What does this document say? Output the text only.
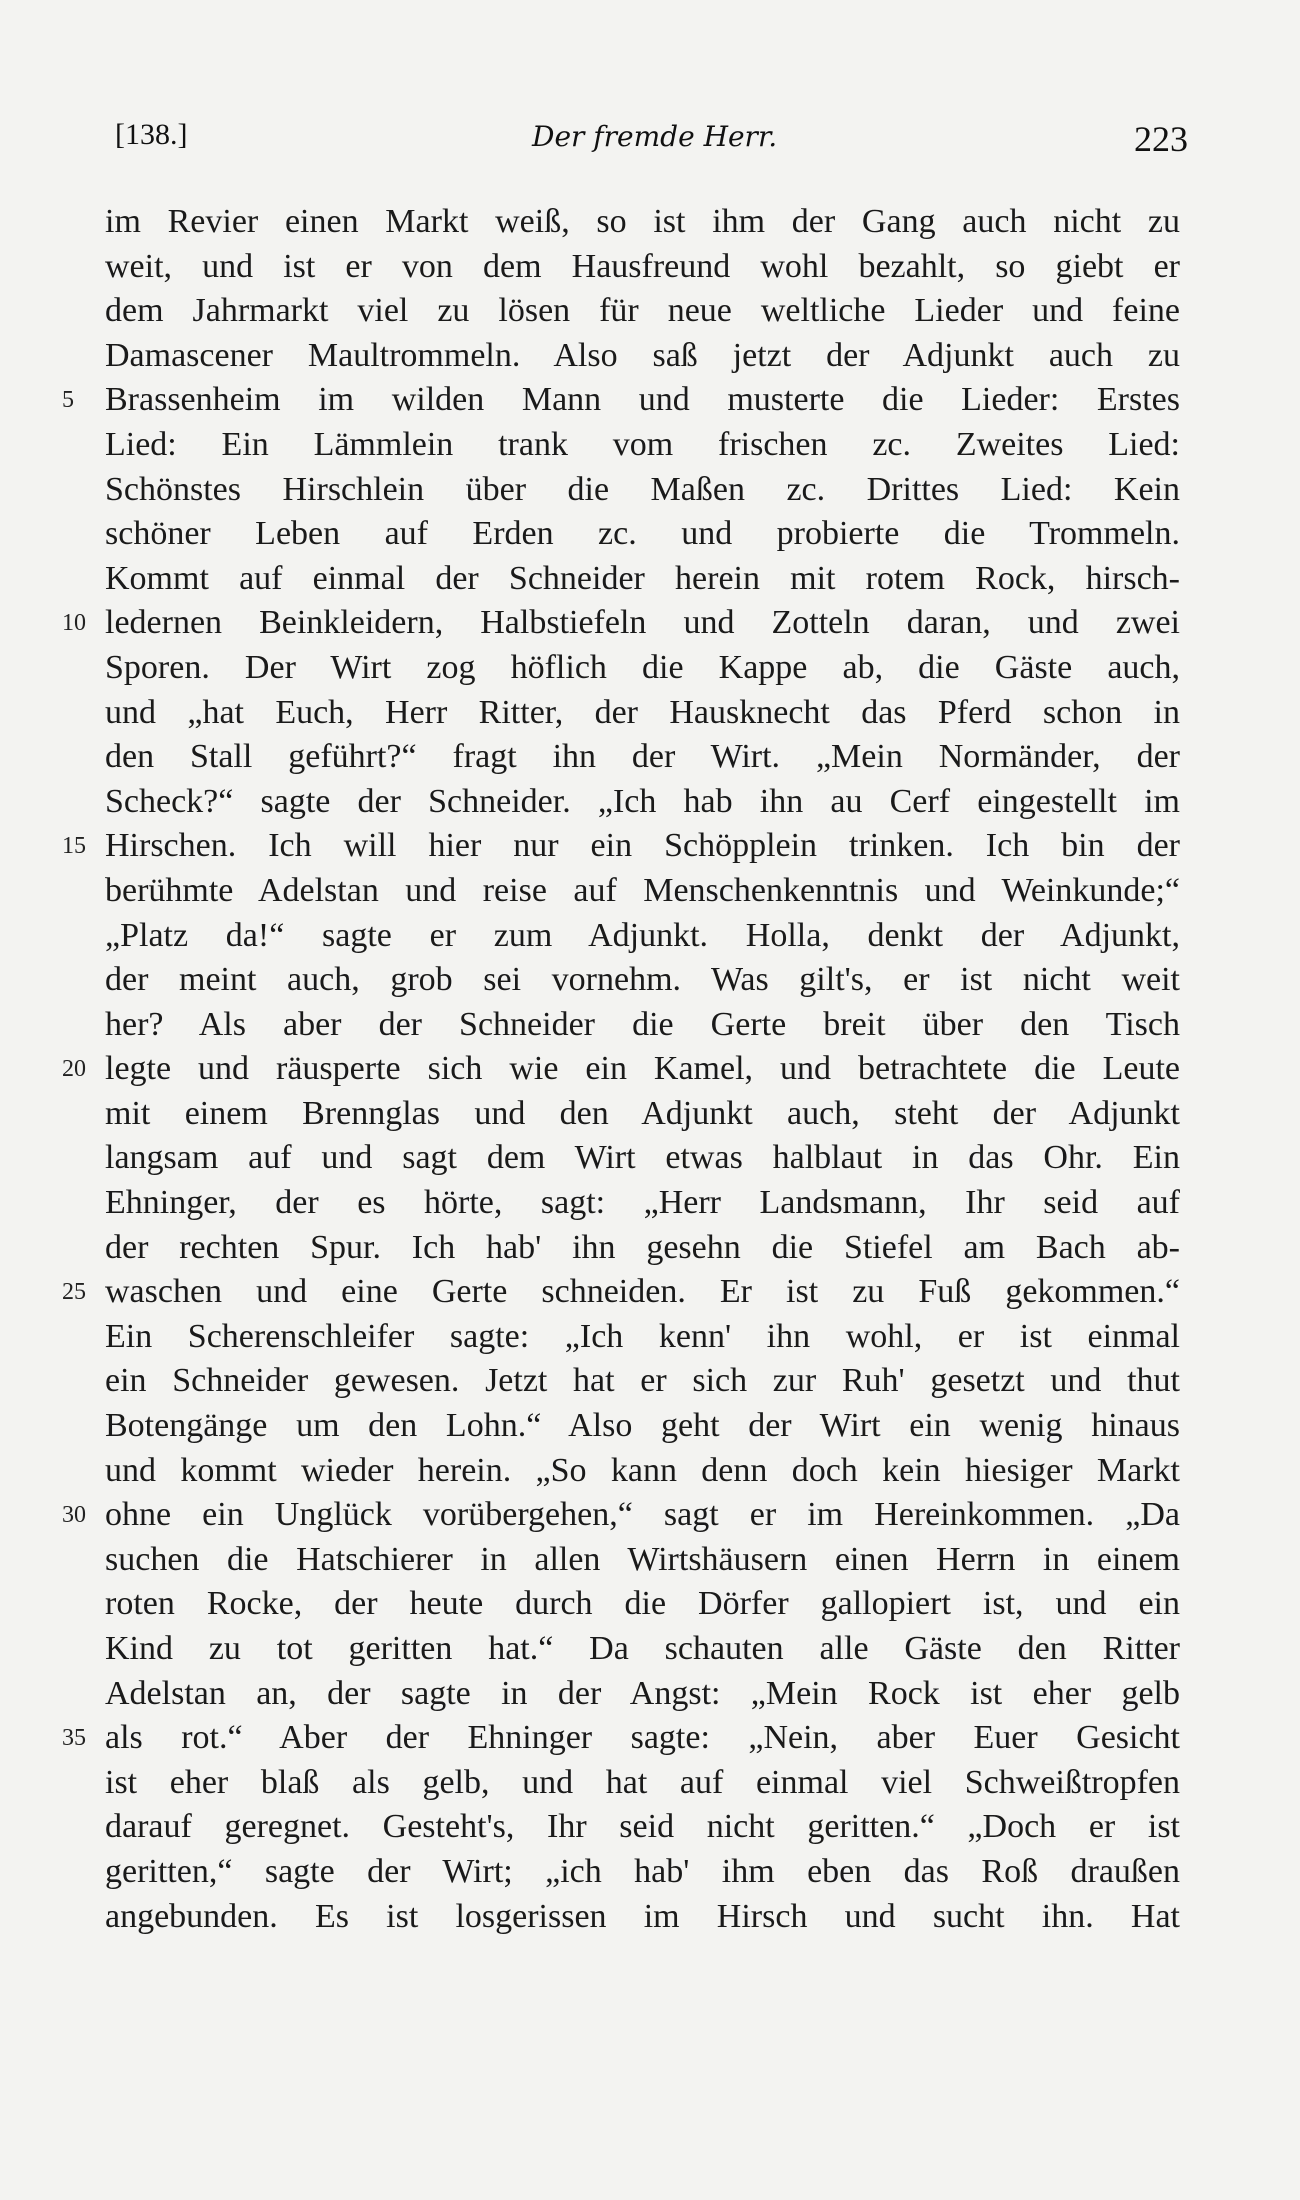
[138.]	Der fremde Herr.	223
im Revier einen Markt weiß, so ist ihm der Gang auch nicht zu
weit, und ist er von dem Hausfreund wohl bezahlt, so giebt er
dem Jahrmarkt viel zu lösen für neue weltliche Lieder und feine
Damascener Maultrommeln. Also saß jetzt der Adjunkt auch zu
5 Brassenheim im wilden Mann und musterte die Lieder: Erstes
Lied: Ein Lämmlein trank vom frischen zc. Zweites Lied:
Schönstes Hirschlein über die Maßen zc. Drittes Lied: Kein
schöner Leben auf Erden zc. und probierte die Trommeln.
Kommt auf einmal der Schneider herein mit rotem Rock, hirsch-
10 ledernen Beinkleidern, Halbstiefeln und Zotteln daran, und zwei
Sporen. Der Wirt zog höflich die Kappe ab, die Gäste auch,
und „hat Euch, Herr Ritter, der Hausknecht das Pferd schon in
den Stall geführt?“ fragt ihn der Wirt. „Mein Normänder, der
Scheck?“ sagte der Schneider. „Ich hab ihn au Cerf eingestellt im
15 Hirschen. Ich will hier nur ein Schöpplein trinken. Ich bin der
berühmte Adelstan und reise auf Menschenkenntnis und Weinkunde;“
„Platz da!“ sagte er zum Adjunkt. Holla, denkt der Adjunkt,
der meint auch, grob sei vornehm. Was gilt's, er ist nicht weit
her? Als aber der Schneider die Gerte breit über den Tisch
20 legte und räusperte sich wie ein Kamel, und betrachtete die Leute
mit einem Brennglas und den Adjunkt auch, steht der Adjunkt
langsam auf und sagt dem Wirt etwas halblaut in das Ohr. Ein
Ehninger, der es hörte, sagt: „Herr Landsmann, Ihr seid auf
der rechten Spur. Ich hab' ihn gesehn die Stiefel am Bach ab-
25 waschen und eine Gerte schneiden. Er ist zu Fuß gekommen.“
Ein Scherenschleifer sagte: „Ich kenn' ihn wohl, er ist einmal
ein Schneider gewesen. Jetzt hat er sich zur Ruh' gesetzt und thut
Botengänge um den Lohn.“ Also geht der Wirt ein wenig hinaus
und kommt wieder herein. „So kann denn doch kein hiesiger Markt
30 ohne ein Unglück vorübergehen,“ sagt er im Hereinkommen. „Da
suchen die Hatschierer in allen Wirtshäusern einen Herrn in einem
roten Rocke, der heute durch die Dörfer gallopiert ist, und ein
Kind zu tot geritten hat.“ Da schauten alle Gäste den Ritter
Adelstan an, der sagte in der Angst: „Mein Rock ist eher gelb
35 als rot.“ Aber der Ehninger sagte: „Nein, aber Euer Gesicht
ist eher blaß als gelb, und hat auf einmal viel Schweißtropfen
darauf geregnet. Gesteht's, Ihr seid nicht geritten.“ „Doch er ist
geritten,“ sagte der Wirt; „ich hab' ihm eben das Roß draußen
angebunden. Es ist losgerissen im Hirsch und sucht ihn. Hat
